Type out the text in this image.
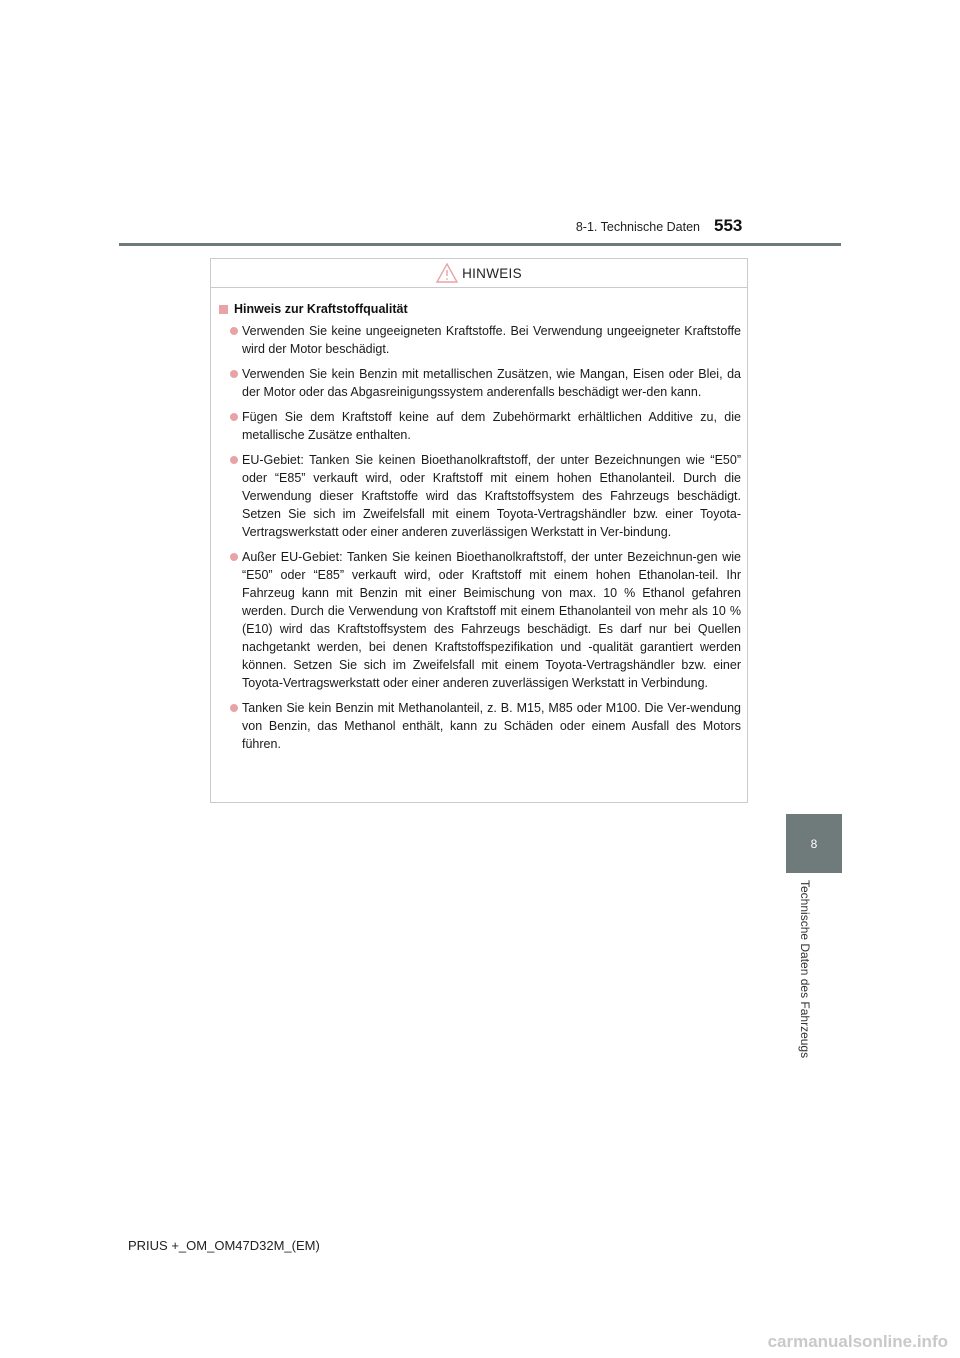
8-1. Technische Daten 553
8
Technische Daten des Fahrzeugs
HINWEIS
Hinweis zur Kraftstoffqualität
Verwenden Sie keine ungeeigneten Kraftstoffe. Bei Verwendung ungeeigneter Kraftstoffe wird der Motor beschädigt.
Verwenden Sie kein Benzin mit metallischen Zusätzen, wie Mangan, Eisen oder Blei, da der Motor oder das Abgasreinigungssystem anderenfalls beschädigt wer-den kann.
Fügen Sie dem Kraftstoff keine auf dem Zubehörmarkt erhältlichen Additive zu, die metallische Zusätze enthalten.
EU-Gebiet: Tanken Sie keinen Bioethanolkraftstoff, der unter Bezeichnungen wie “E50” oder “E85” verkauft wird, oder Kraftstoff mit einem hohen Ethanolanteil. Durch die Verwendung dieser Kraftstoffe wird das Kraftstoffsystem des Fahrzeugs beschädigt. Setzen Sie sich im Zweifelsfall mit einem Toyota-Vertragshändler bzw. einer Toyota-Vertragswerkstatt oder einer anderen zuverlässigen Werkstatt in Ver-bindung.
Außer EU-Gebiet: Tanken Sie keinen Bioethanolkraftstoff, der unter Bezeichnun-gen wie “E50” oder “E85” verkauft wird, oder Kraftstoff mit einem hohen Ethanolan-teil. Ihr Fahrzeug kann mit Benzin mit einer Beimischung von max. 10 % Ethanol gefahren werden. Durch die Verwendung von Kraftstoff mit einem Ethanolanteil von mehr als 10 % (E10) wird das Kraftstoffsystem des Fahrzeugs beschädigt. Es darf nur bei Quellen nachgetankt werden, bei denen Kraftstoffspezifikation und -qualität garantiert werden können. Setzen Sie sich im Zweifelsfall mit einem Toyota-Vertragshändler bzw. einer Toyota-Vertragswerkstatt oder einer anderen zuverlässigen Werkstatt in Verbindung.
Tanken Sie kein Benzin mit Methanolanteil, z. B. M15, M85 oder M100. Die Ver-wendung von Benzin, das Methanol enthält, kann zu Schäden oder einem Ausfall des Motors führen.
PRIUS +_OM_OM47D32M_(EM)
carmanualsonline.info
